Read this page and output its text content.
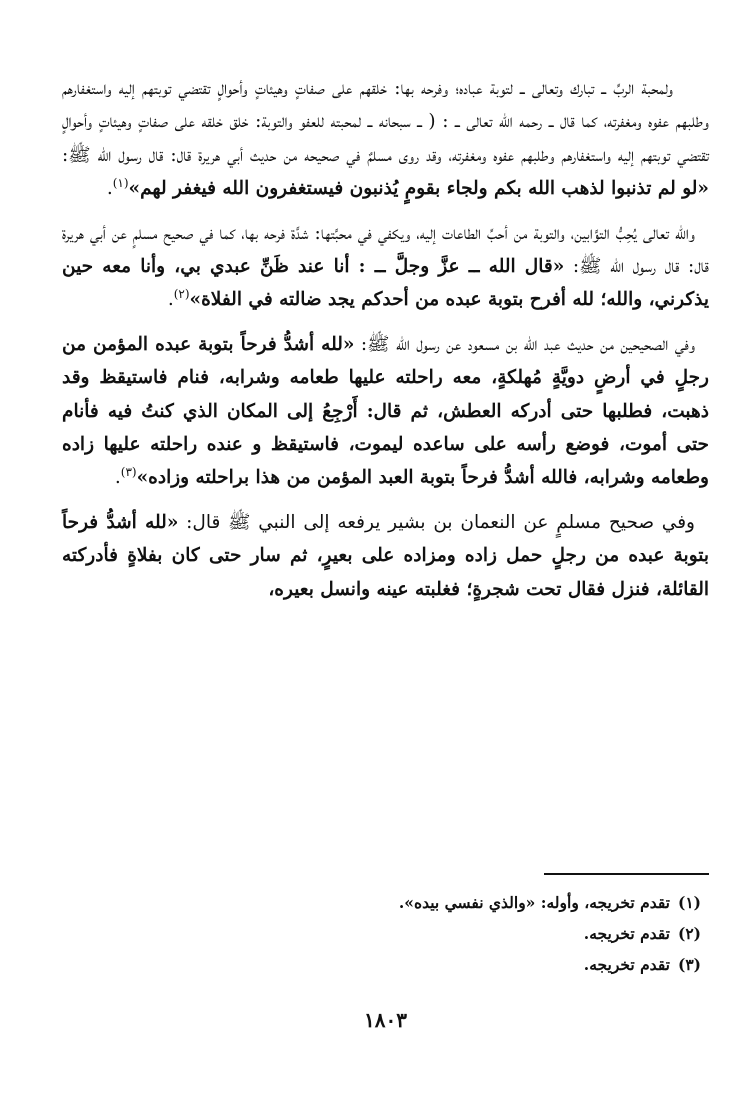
ولمحبة الربِّ ــ تبارك وتعالى ــ لتوبة عباده؛ وفرحه بها: خلقهم على صفاتٍ وهيئاتٍ وأحوالٍ تقتضي توبتهم إليه واستغفارهم وطلبهم عفوه ومغفرته، كما قال ــ رحمه الله تعالى ــ : ( ــ سبحانه ــ لمحبته للعفو والتوبة: خلق خلقه على صفاتٍ وهيئاتٍ وأحوالٍ تقتضي توبتهم إليه واستغفارهم وطلبهم عفوه ومغفرته، وقد روى مسلمٌ في صحيحه من حديث أبي هريرة قال: قال رسول الله ﷺ: «لو لم تذنبوا لذهب الله بكم ولجاء بقومٍ يُذنبون فيستغفرون الله فيغفر لهم»$^{(١)}$.

والله تعالى يُحِبُّ التوَّابين، والتوبة من أحبِّ الطاعات إليه، ويكفي في محبَّتها: شدَّة فرحه بها، كما في صحيح مسلمٍ عن أبي هريرة قال: قال رسول الله ﷺ: «قال الله ــ عزَّ وجلَّ ــ : أنا عند ظَنِّ عبدي بي، وأنا معه حين يذكرني، والله؛ لله أفرح بتوبة عبده من أحدكم يجد ضالته في الفلاة»$^{(٢)}$.

وفي الصحيحين من حديث عبد الله بن مسعود عن رسول الله ﷺ: «لله أشدُّ فرحاً بتوبة عبده المؤمن من رجلٍ في أرضٍ دويَّةٍ مُهلكةٍ، معه راحلته عليها طعامه وشرابه، فنام فاستيقظ وقد ذهبت، فطلبها حتى أدركه العطش، ثم قال: أَرْجِعُ إلى المكان الذي كنتُ فيه فأنام حتى أموت، فوضع رأسه على ساعده ليموت، فاستيقظ و عنده راحلته عليها زاده وطعامه وشرابه، فالله أشدُّ فرحاً بتوبة العبد المؤمن من هذا براحلته وزاده»$^{(٣)}$.

وفي صحيح مسلمٍ عن النعمان بن بشير يرفعه إلى النبي ﷺ قال: «لله أشدُّ فرحاً بتوبة عبده من رجلٍ حمل زاده ومزاده على بعيرٍ، ثم سار حتى كان بفلاةٍ فأدركته القائلة، فنزل فقال تحت شجرةٍ؛ فغلبته عينه وانسل بعيره،

(١)تقدم تخريجه، وأوله: «والذي نفسي بيده».
(٢)تقدم تخريجه.
(٣)تقدم تخريجه.
١٨٠٣
